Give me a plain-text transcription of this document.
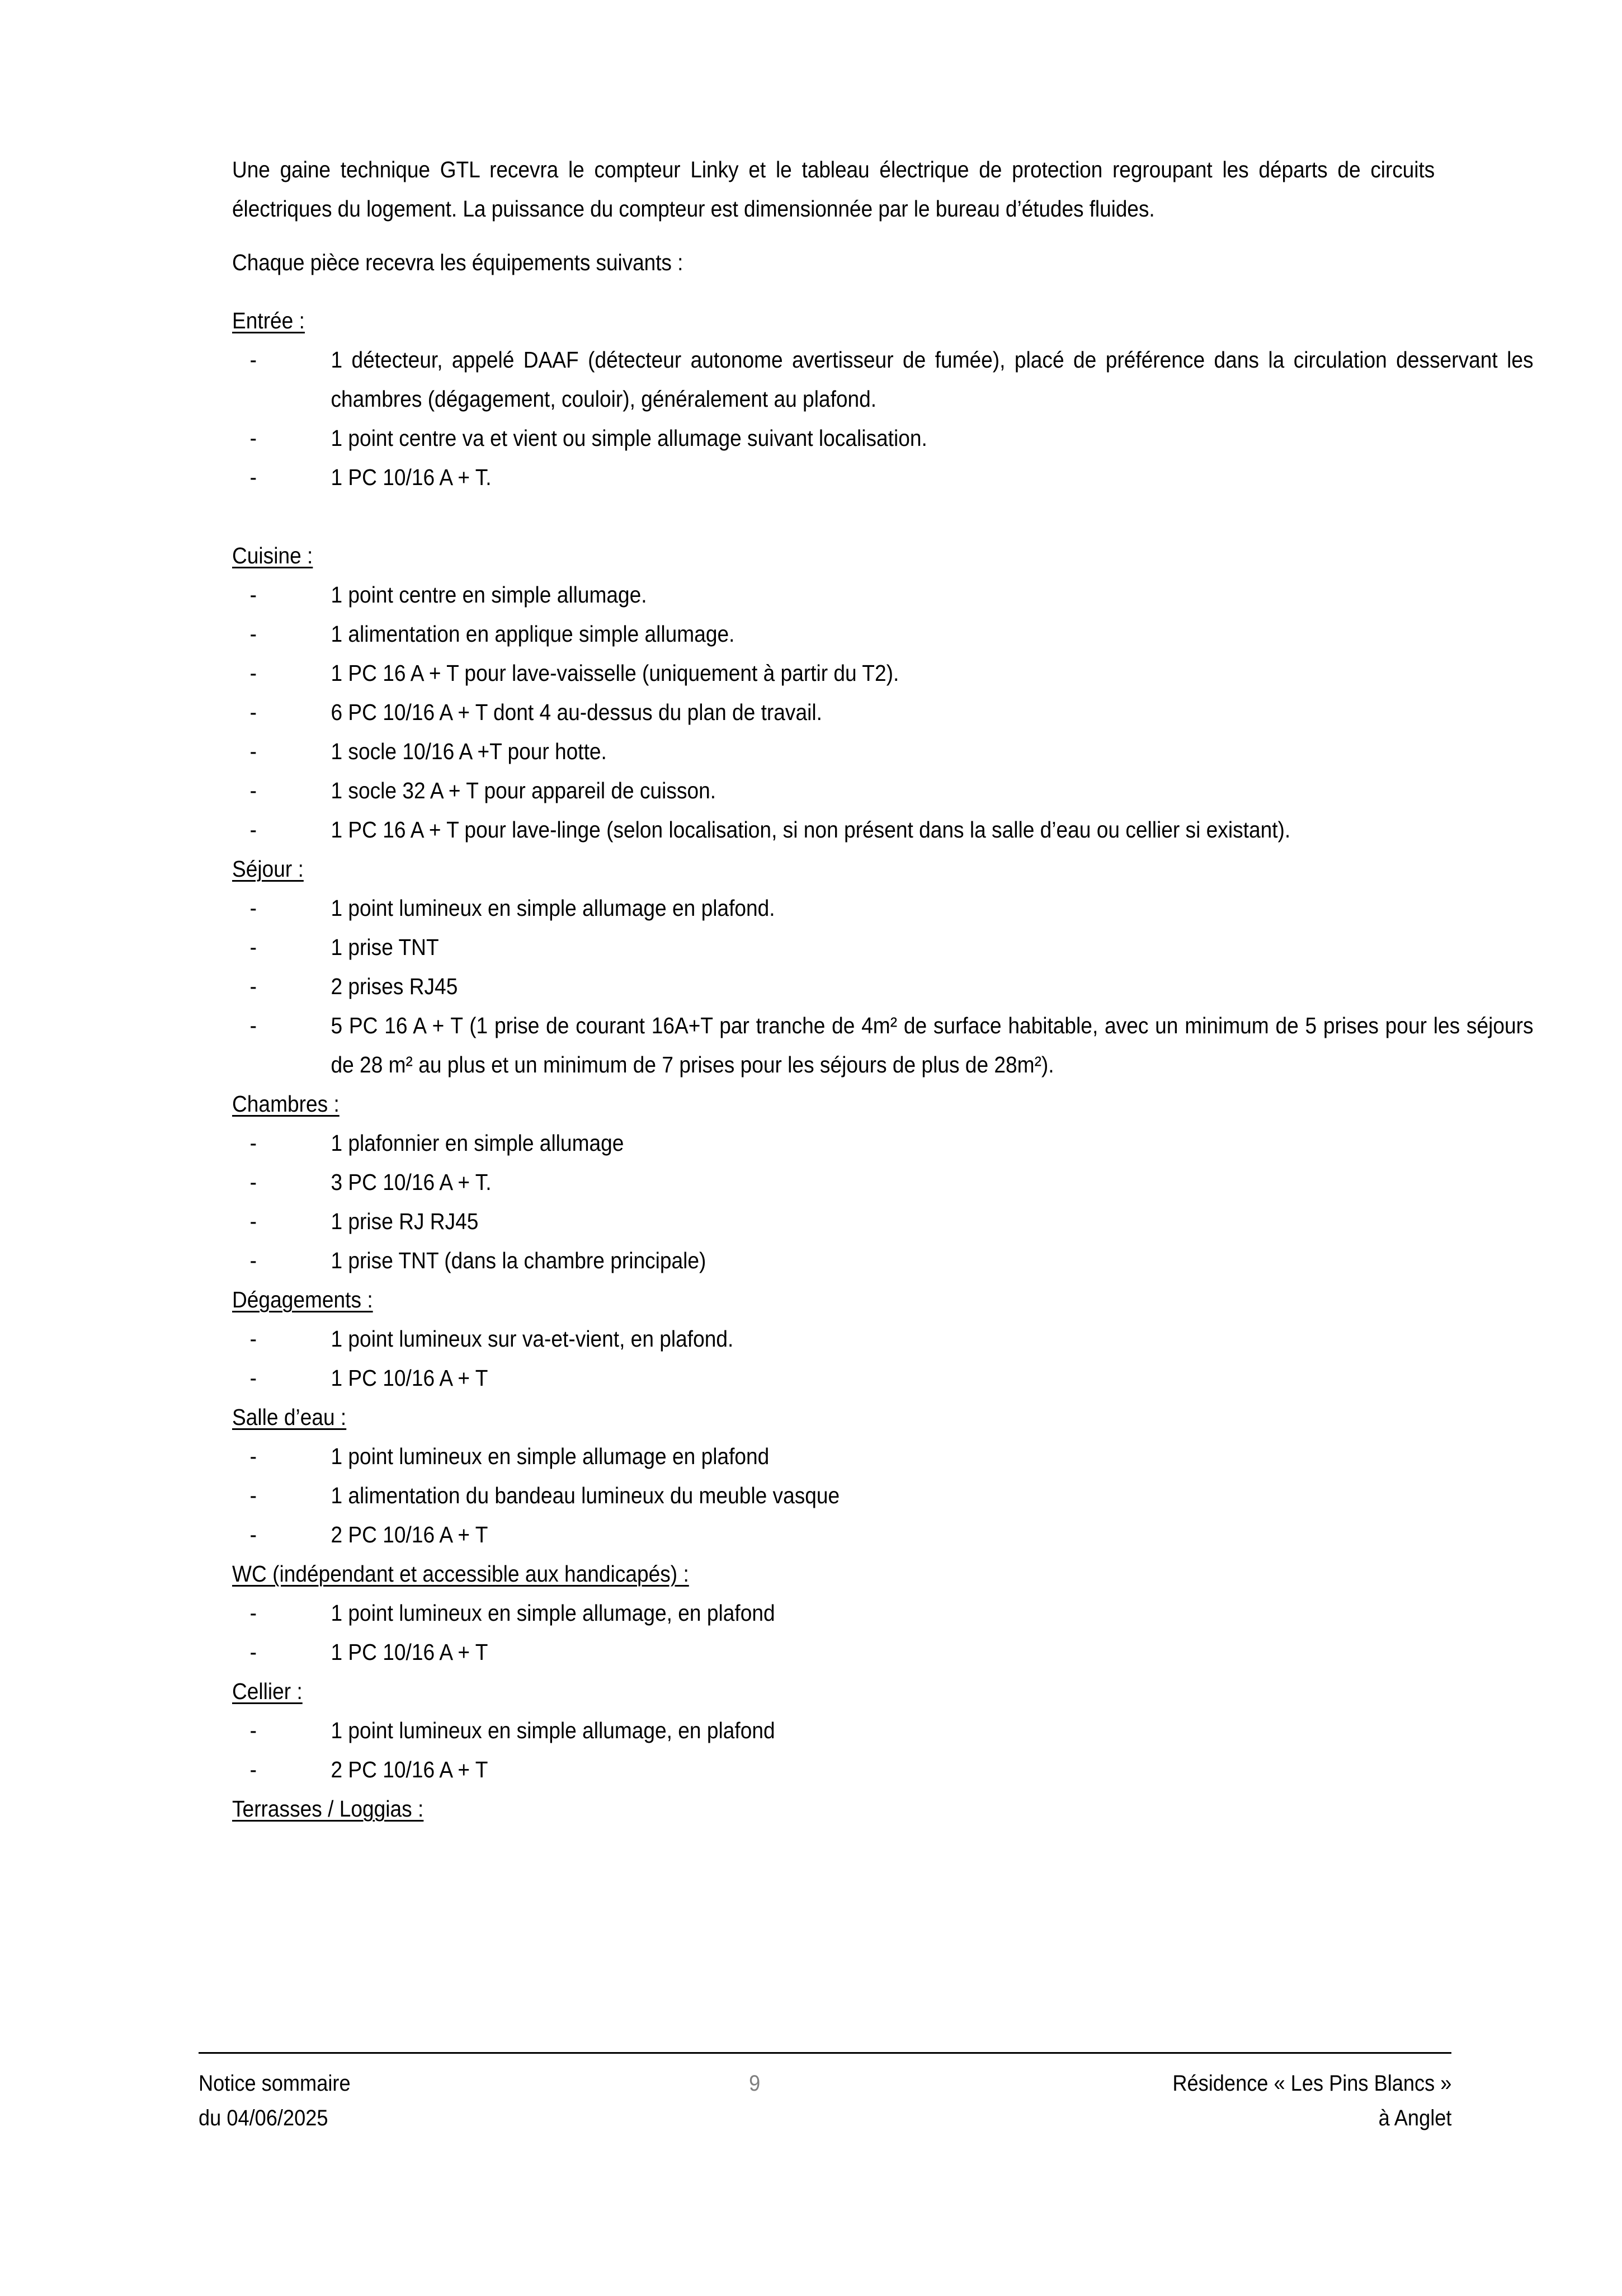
Une gaine technique GTL recevra le compteur Linky et le tableau électrique de protection regroupant les départs de circuits électriques du logement. La puissance du compteur est dimensionnée par le bureau d’études fluides.

Chaque pièce recevra les équipements suivants :

Entrée :
- 1 détecteur, appelé DAAF (détecteur autonome avertisseur de fumée), placé de préférence dans la circulation desservant les chambres (dégagement, couloir), généralement au plafond.
- 1 point centre va et vient ou simple allumage suivant localisation.
- 1 PC 10/16 A + T.
Cuisine :
- 1 point centre en simple allumage.
- 1 alimentation en applique simple allumage.
- 1 PC 16 A + T pour lave-vaisselle (uniquement à partir du T2).
- 6 PC 10/16 A + T dont 4 au-dessus du plan de travail.
- 1 socle 10/16 A +T pour hotte.
- 1 socle 32 A + T pour appareil de cuisson.
- 1 PC 16 A + T pour lave-linge (selon localisation, si non présent dans la salle d’eau ou cellier si existant).
Séjour :
- 1 point lumineux en simple allumage en plafond.
- 1 prise TNT
- 2 prises RJ45
- 5 PC 16 A + T (1 prise de courant 16A+T par tranche de 4m² de surface habitable, avec un minimum de 5 prises pour les séjours de 28 m² au plus et un minimum de 7 prises pour les séjours de plus de 28m²).
Chambres :
- 1 plafonnier en simple allumage
- 3 PC 10/16 A + T.
- 1 prise RJ RJ45
- 1 prise TNT (dans la chambre principale)
Dégagements :
- 1 point lumineux sur va-et-vient, en plafond.
- 1 PC 10/16 A + T
Salle d’eau :
- 1 point lumineux en simple allumage en plafond
- 1 alimentation du bandeau lumineux du meuble vasque
- 2 PC 10/16 A + T
WC (indépendant et accessible aux handicapés) :
- 1 point lumineux en simple allumage, en plafond
- 1 PC 10/16 A + T
Cellier :
- 1 point lumineux en simple allumage, en plafond
- 2 PC 10/16 A + T
Terrasses / Loggias :
Notice sommaire
du 04/06/2025
9	Résidence « Les Pins Blancs »
à Anglet
